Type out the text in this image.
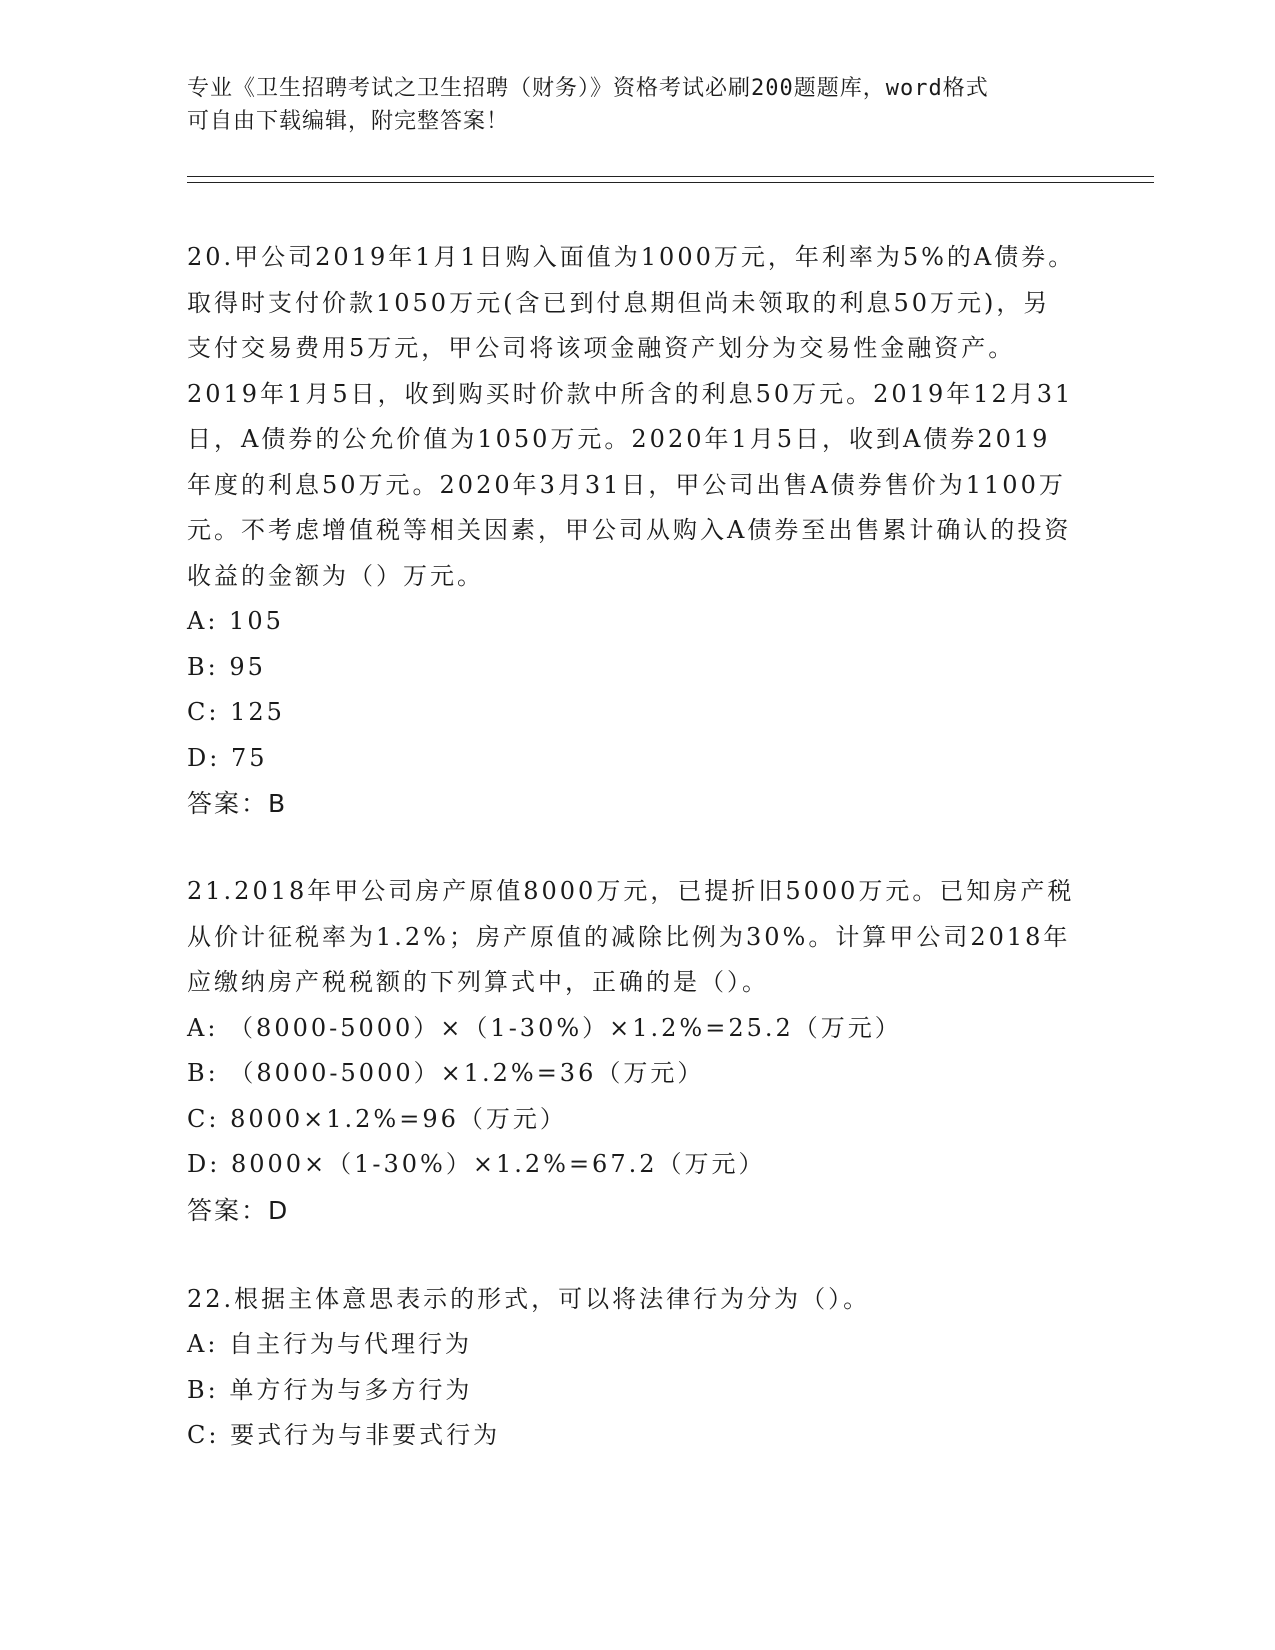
专业《卫生招聘考试之卫生招聘（财务）》资格考试必刷200题题库，word格式
可自由下载编辑，附完整答案！
20.甲公司2019年1月1日购入面值为1000万元，年利率为5%的A债券。取得时支付价款1050万元(含已到付息期但尚未领取的利息50万元)，另支付交易费用5万元，甲公司将该项金融资产划分为交易性金融资产。2019年1月5日，收到购买时价款中所含的利息50万元。2019年12月31日，A债券的公允价值为1050万元。2020年1月5日，收到A债券2019年度的利息50万元。2020年3月31日，甲公司出售A债券售价为1100万元。不考虑增值税等相关因素，甲公司从购入A债券至出售累计确认的投资收益的金额为（）万元。
A: 105
B: 95
C: 125
D: 75
答案：B
21.2018年甲公司房产原值8000万元，已提折旧5000万元。已知房产税从价计征税率为1.2%；房产原值的减除比例为30%。计算甲公司2018年应缴纳房产税税额的下列算式中，正确的是（）。
A: （8000-5000）×（1-30%）×1.2%=25.2（万元）
B: （8000-5000）×1.2%=36（万元）
C: 8000×1.2%=96（万元）
D: 8000×（1-30%）×1.2%=67.2（万元）
答案：D
22.根据主体意思表示的形式，可以将法律行为分为（）。
A: 自主行为与代理行为
B: 单方行为与多方行为
C: 要式行为与非要式行为
